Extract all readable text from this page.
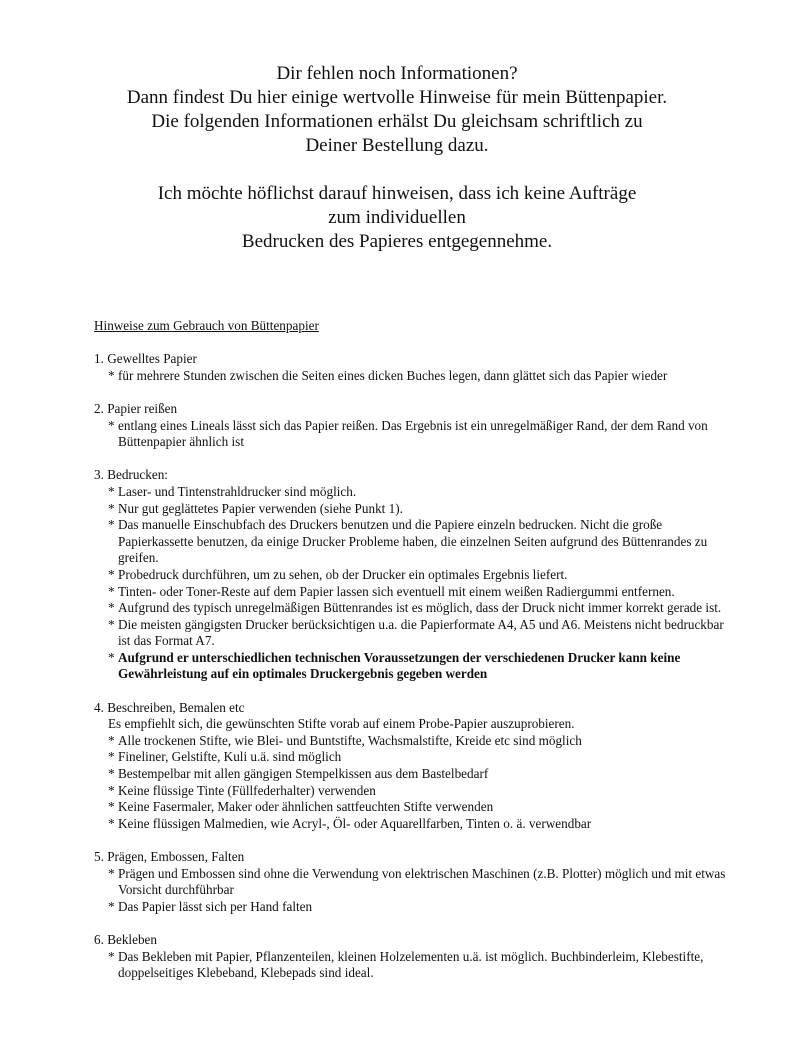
Dir fehlen noch Informationen?

Dann findest Du hier einige wertvolle Hinweise für mein Büttenpapier.

Die folgenden Informationen erhälst Du gleichsam schriftlich zu

Deiner Bestellung dazu.

Ich möchte höflichst darauf hinweisen, dass ich keine Aufträge

zum individuellen

Bedrucken des Papieres entgegennehme.

Hinweise zum Gebrauch von Büttenpapier

1. Gewelltes Papier

* für mehrere Stunden zwischen die Seiten eines dicken Buches legen, dann glättet sich das Papier wieder

2. Papier reißen

* entlang eines Lineals lässt sich das Papier reißen. Das Ergebnis ist ein unregelmäßiger Rand, der dem Rand von Büttenpapier ähnlich ist

3. Bedrucken:

* Laser- und Tintenstrahldrucker sind möglich.
* Nur gut geglättetes Papier verwenden (siehe Punkt 1).
* Das manuelle Einschubfach des Druckers benutzen und die Papiere einzeln bedrucken. Nicht die große Papierkassette benutzen, da einige Drucker Probleme haben, die einzelnen Seiten aufgrund des Büttenrandes zu greifen.
* Probedruck durchführen, um zu sehen, ob der Drucker ein optimales Ergebnis liefert.
* Tinten- oder Toner-Reste auf dem Papier lassen sich eventuell mit einem weißen Radiergummi entfernen.
* Aufgrund des typisch unregelmäßigen Büttenrandes ist es möglich, dass der Druck nicht immer korrekt gerade ist.
* Die meisten gängigsten Drucker berücksichtigen u.a. die Papierformate A4, A5 und A6. Meistens nicht bedruckbar ist das Format A7.
* Aufgrund er unterschiedlichen technischen Voraussetzungen der verschiedenen Drucker kann keine Gewährleistung auf ein optimales Druckergebnis gegeben werden

4. Beschreiben, Bemalen etc

Es empfiehlt sich, die gewünschten Stifte vorab auf einem Probe-Papier auszuprobieren.

* Alle trockenen Stifte, wie Blei- und Buntstifte, Wachsmalstifte, Kreide etc sind möglich
* Fineliner, Gelstifte, Kuli u.ä. sind möglich
* Bestempelbar mit allen gängigen Stempelkissen aus dem Bastelbedarf
* Keine flüssige Tinte (Füllfederhalter) verwenden
* Keine Fasermaler, Maker oder ähnlichen sattfeuchten Stifte verwenden
* Keine flüssigen Malmedien, wie Acryl-, Öl- oder Aquarellfarben, Tinten o. ä. verwendbar

5. Prägen, Embossen, Falten

* Prägen und Embossen sind ohne die Verwendung von elektrischen Maschinen (z.B. Plotter) möglich und mit etwas Vorsicht durchführbar
* Das Papier lässt sich per Hand falten

6. Bekleben

* Das Bekleben mit Papier, Pflanzenteilen, kleinen Holzelementen u.ä. ist möglich. Buchbinderleim, Klebestifte, doppelseitiges Klebeband, Klebepads sind ideal.
